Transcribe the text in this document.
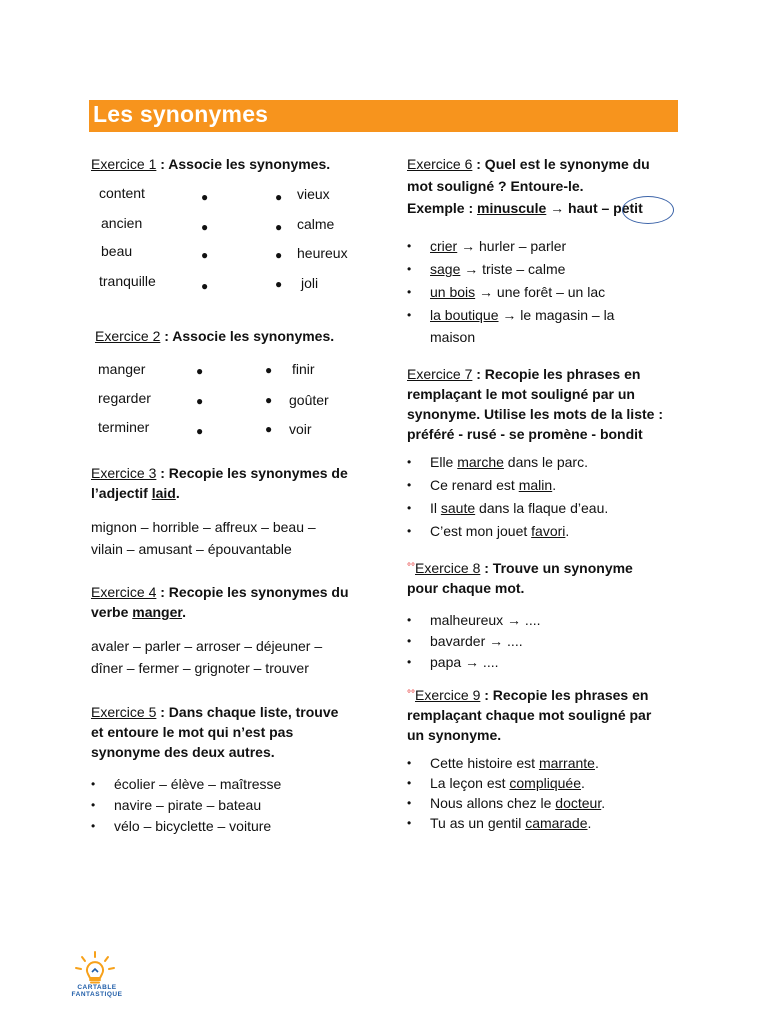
Les synonymes
Exercice 1 : Associe les synonymes.
content
ancien
beau
tranquille
●
●
●
●
●
●
●
●
vieux
calme
heureux
joli
Exercice 2 : Associe les synonymes.
manger
regarder
terminer
●
●
●
●
●
●
finir
goûter
voir
Exercice 3 : Recopie les synonymes de
l’adjectif laid.
mignon – horrible – affreux – beau –
vilain – amusant – épouvantable
Exercice 4 : Recopie les synonymes du
verbe manger.
avaler – parler – arroser – déjeuner –
dîner – fermer – grignoter – trouver
Exercice 5 : Dans chaque liste, trouve
et entoure le mot qui n’est pas
synonyme des deux autres.
• écolier – élève – maîtresse
• navire – pirate – bateau
• vélo – bicyclette – voiture
Exercice 6 : Quel est le synonyme du
mot souligné ? Entoure-le.
Exemple : minuscule → haut – petit
• crier → hurler – parler
• sage → triste – calme
• un bois → une forêt – un lac
• la boutique → le magasin – la
maison
Exercice 7 : Recopie les phrases en
remplaçant le mot souligné par un
synonyme. Utilise les mots de la liste :
préféré - rusé - se promène - bondit
• Elle marche dans le parc.
• Ce renard est malin.
• Il saute dans la flaque d’eau.
• C’est mon jouet favori.
°°Exercice 8 : Trouve un synonyme
pour chaque mot.
• malheureux → ....
• bavarder → ....
• papa → ....
°°Exercice 9 : Recopie les phrases en
remplaçant chaque mot souligné par
un synonyme.
• Cette histoire est marrante.
• La leçon est compliquée.
• Nous allons chez le docteur.
• Tu as un gentil camarade.
CARTABLE
FANTASTIQUE
